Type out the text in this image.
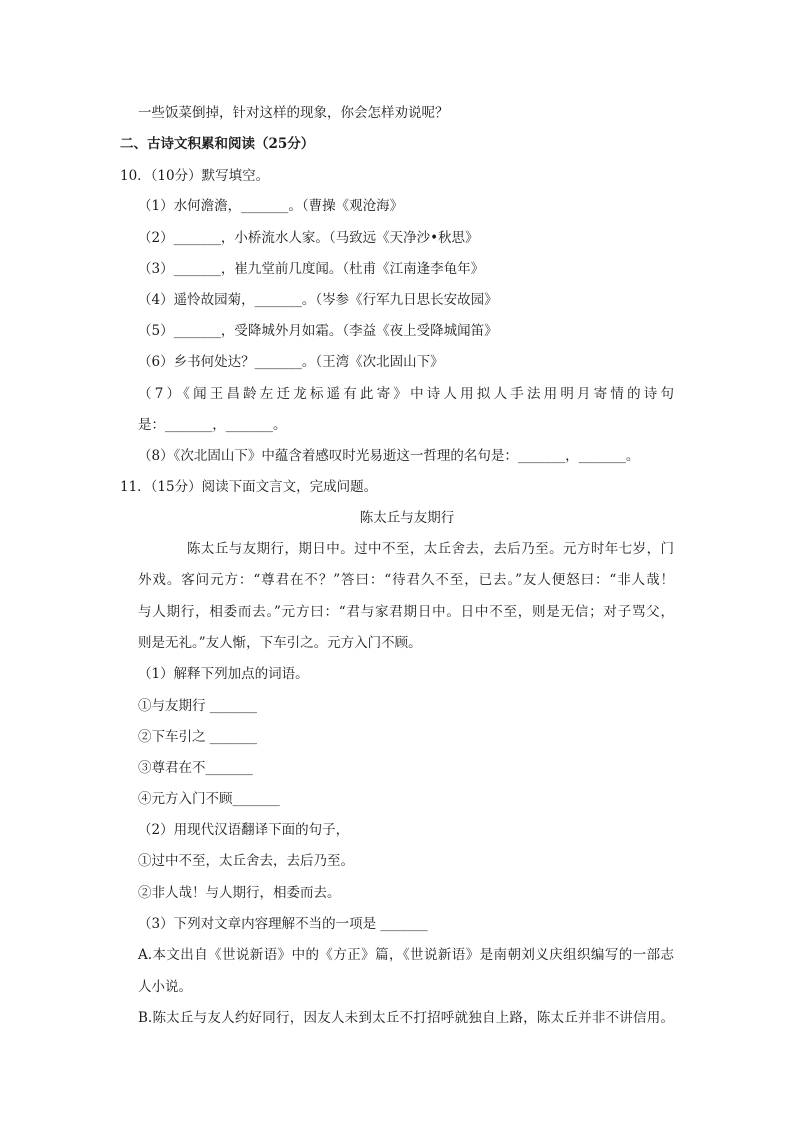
一些饭菜倒掉，针对这样的现象，你会怎样劝说呢？
二、古诗文积累和阅读（25分）
10．（10分）默写填空。
（1）水何澹澹，_______。（曹操《观沧海》
（2）_______，小桥流水人家。（马致远《天净沙•秋思》
（3）_______，崔九堂前几度闻。（杜甫《江南逢李龟年》
（4）遥怜故园菊，_______。（岑参《行军九日思长安故园》
（5）_______，受降城外月如霜。（李益《夜上受降城闻笛》
（6）乡书何处达？_______。（王湾《次北固山下》
（7）《闻王昌龄左迁龙标遥有此寄》中诗人用拟人手法用明月寄情的诗句
是：_______，_______。
（8）《次北固山下》中蕴含着感叹时光易逝这一哲理的名句是：_______，_______。
11．（15分）阅读下面文言文，完成问题。
陈太丘与友期行
陈太丘与友期行，期日中。过中不至，太丘舍去，去后乃至。元方时年七岁，门
外戏。客问元方：“尊君在不？”答曰：“待君久不至，已去。”友人便怒曰：“非人哉！
与人期行，相委而去。”元方曰：“君与家君期日中。日中不至，则是无信；对子骂父，
则是无礼。”友人惭，下车引之。元方入门不顾。
（1）解释下列加点的词语。
①与友期行 _______
②下车引之 _______
③尊君在不_______
④元方入门不顾_______
（2）用现代汉语翻译下面的句子，
①过中不至，太丘舍去，去后乃至。
②非人哉！与人期行，相委而去。
（3）下列对文章内容理解不当的一项是 _______
A.本文出自《世说新语》中的《方正》篇，《世说新语》是南朝刘义庆组织编写的一部志
人小说。
B.陈太丘与友人约好同行，因友人未到太丘不打招呼就独自上路，陈太丘并非不讲信用。
